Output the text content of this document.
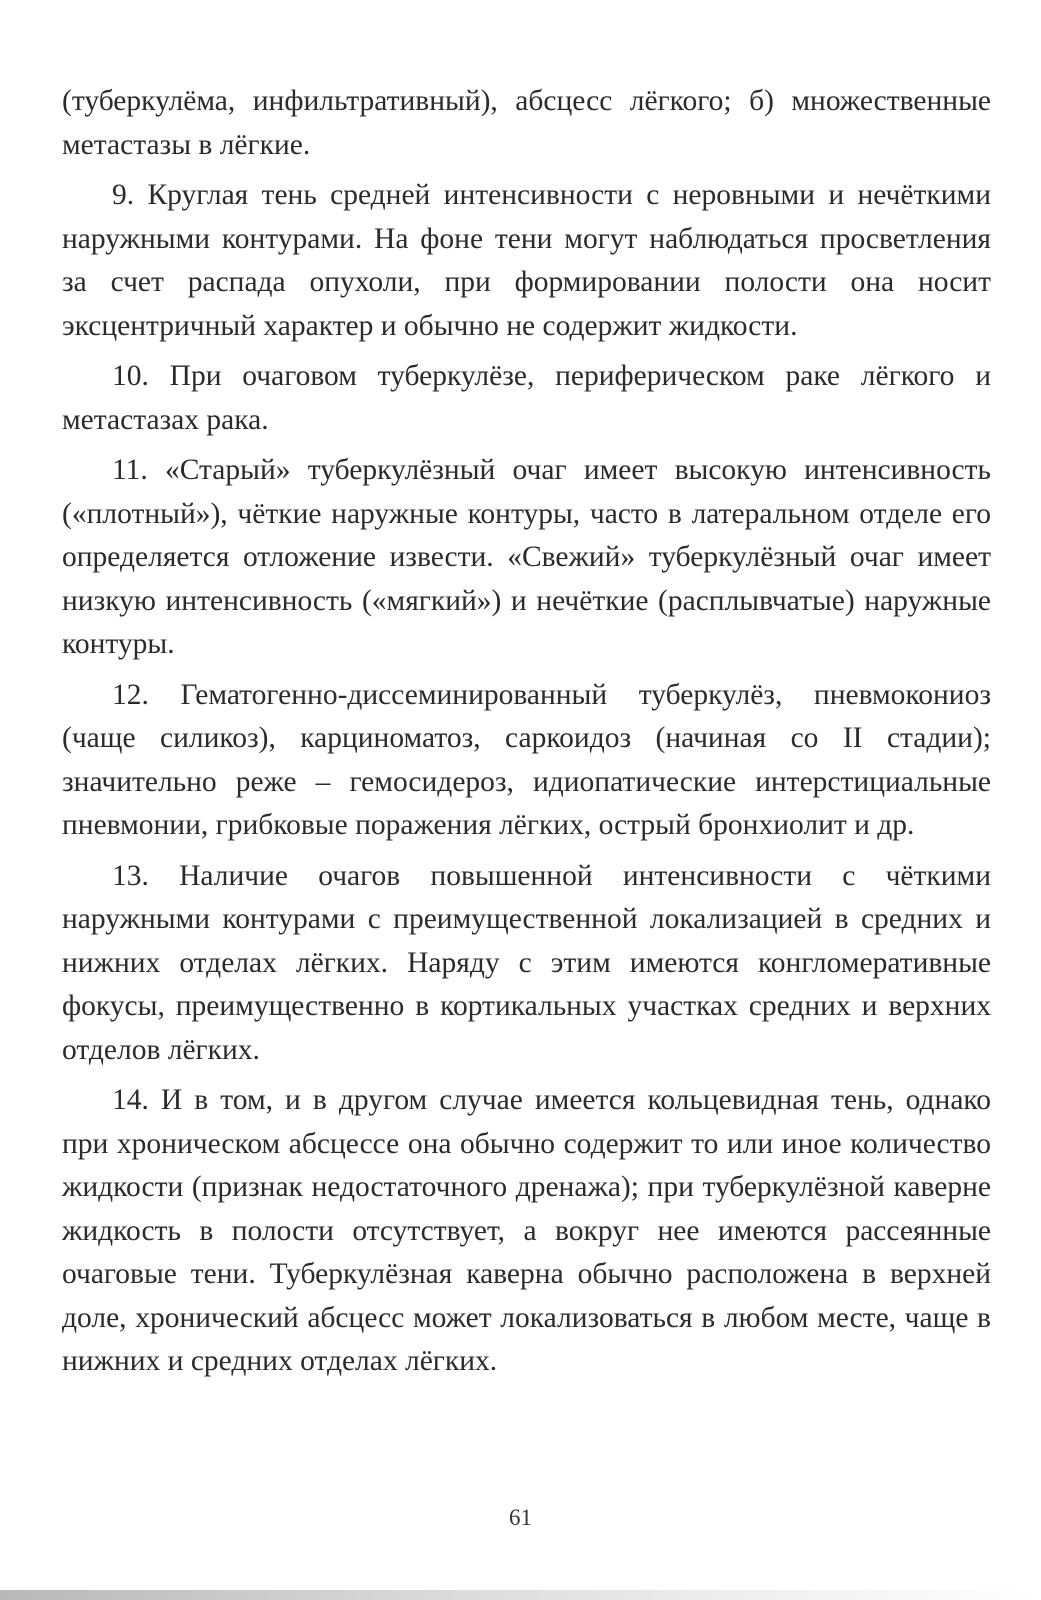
(туберкулёма, инфильтративный), абсцесс лёгкого; б) множественные метастазы в лёгкие.

9. Круглая тень средней интенсивности с неровными и нечёткими наружными контурами. На фоне тени могут наблюдаться просветления за счет распада опухоли, при формировании полости она носит эксцентричный характер и обычно не содержит жидкости.

10. При очаговом туберкулёзе, периферическом раке лёгкого и метастазах рака.

11. «Старый» туберкулёзный очаг имеет высокую интенсивность («плотный»), чёткие наружные контуры, часто в латеральном отделе его определяется отложение извести. «Свежий» туберкулёзный очаг имеет низкую интенсивность («мягкий») и нечёткие (расплывчатые) наружные контуры.

12. Гематогенно-диссеминированный туберкулёз, пневмокониоз (чаще силикоз), карциноматоз, саркоидоз (начиная со II стадии); значительно реже – гемосидероз, идиопатические интерстициальные пневмонии, грибковые поражения лёгких, острый бронхиолит и др.

13. Наличие очагов повышенной интенсивности с чёткими наружными контурами с преимущественной локализацией в средних и нижних отделах лёгких. Наряду с этим имеются конгломеративные фокусы, преимущественно в кортикальных участках средних и верхних отделов лёгких.

14. И в том, и в другом случае имеется кольцевидная тень, однако при хроническом абсцессе она обычно содержит то или иное количество жидкости (признак недостаточного дренажа); при туберкулёзной каверне жидкость в полости отсутствует, а вокруг нее имеются рассеянные очаговые тени. Туберкулёзная каверна обычно расположена в верхней доле, хронический абсцесс может локализоваться в любом месте, чаще в нижних и средних отделах лёгких.

61
